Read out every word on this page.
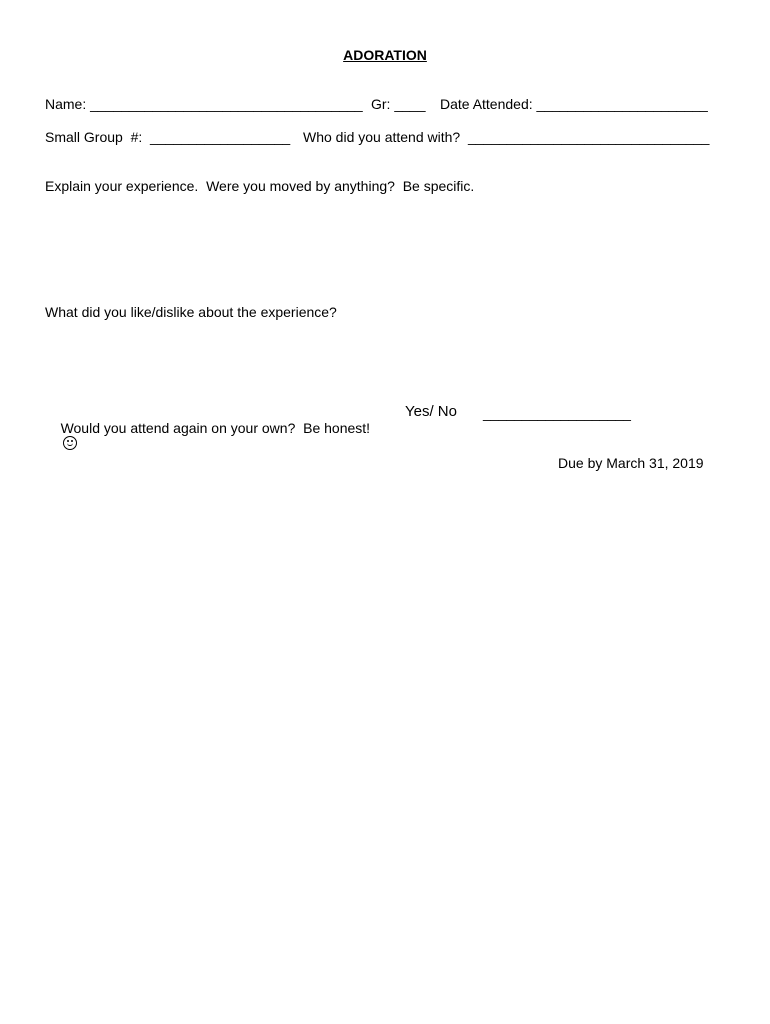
ADORATION
Name: ___________________________________ Gr: ____ Date Attended: ______________________
Small Group  #:  __________________ Who did you attend with?  _______________________________
Explain your experience.  Were you moved by anything?  Be specific.
What did you like/dislike about the experience?

Would you attend again on your own?  Be honest!

Yes/ No ___________________
Due by March 31, 2019
